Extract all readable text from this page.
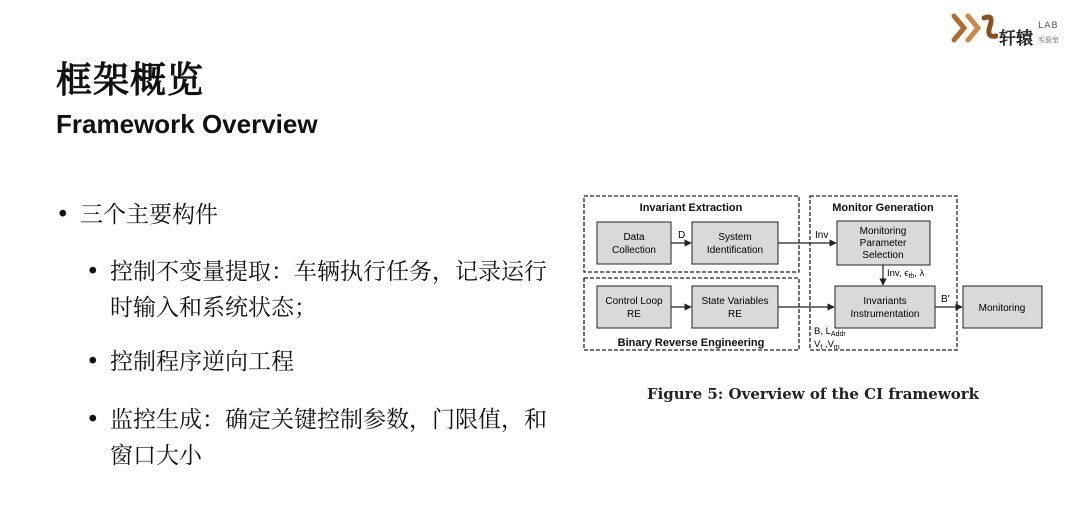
轩辕
LAB
实验室
框架概览
Framework Overview
• 三个主要构件
• 控制不变量提取：车辆执行任务，记录运行时输入和系统状态；
• 控制程序逆向工程
• 监控生成：确定关键控制参数，门限值，和窗口大小
Invariant Extraction	Monitor Generation
Binary Reverse Engineering
Data
Collection
System
Identification
Monitoring
Parameter
Selection
Control Loop
RE
State Variables
RE
Invariants
Instrumentation
Monitoring
D	Inv
Inv, $\epsilon_{th}$, λ
B, $L_{Addr}$
$V_t$ $,V_m$
B′
Figure 5: Overview of the CI framework
